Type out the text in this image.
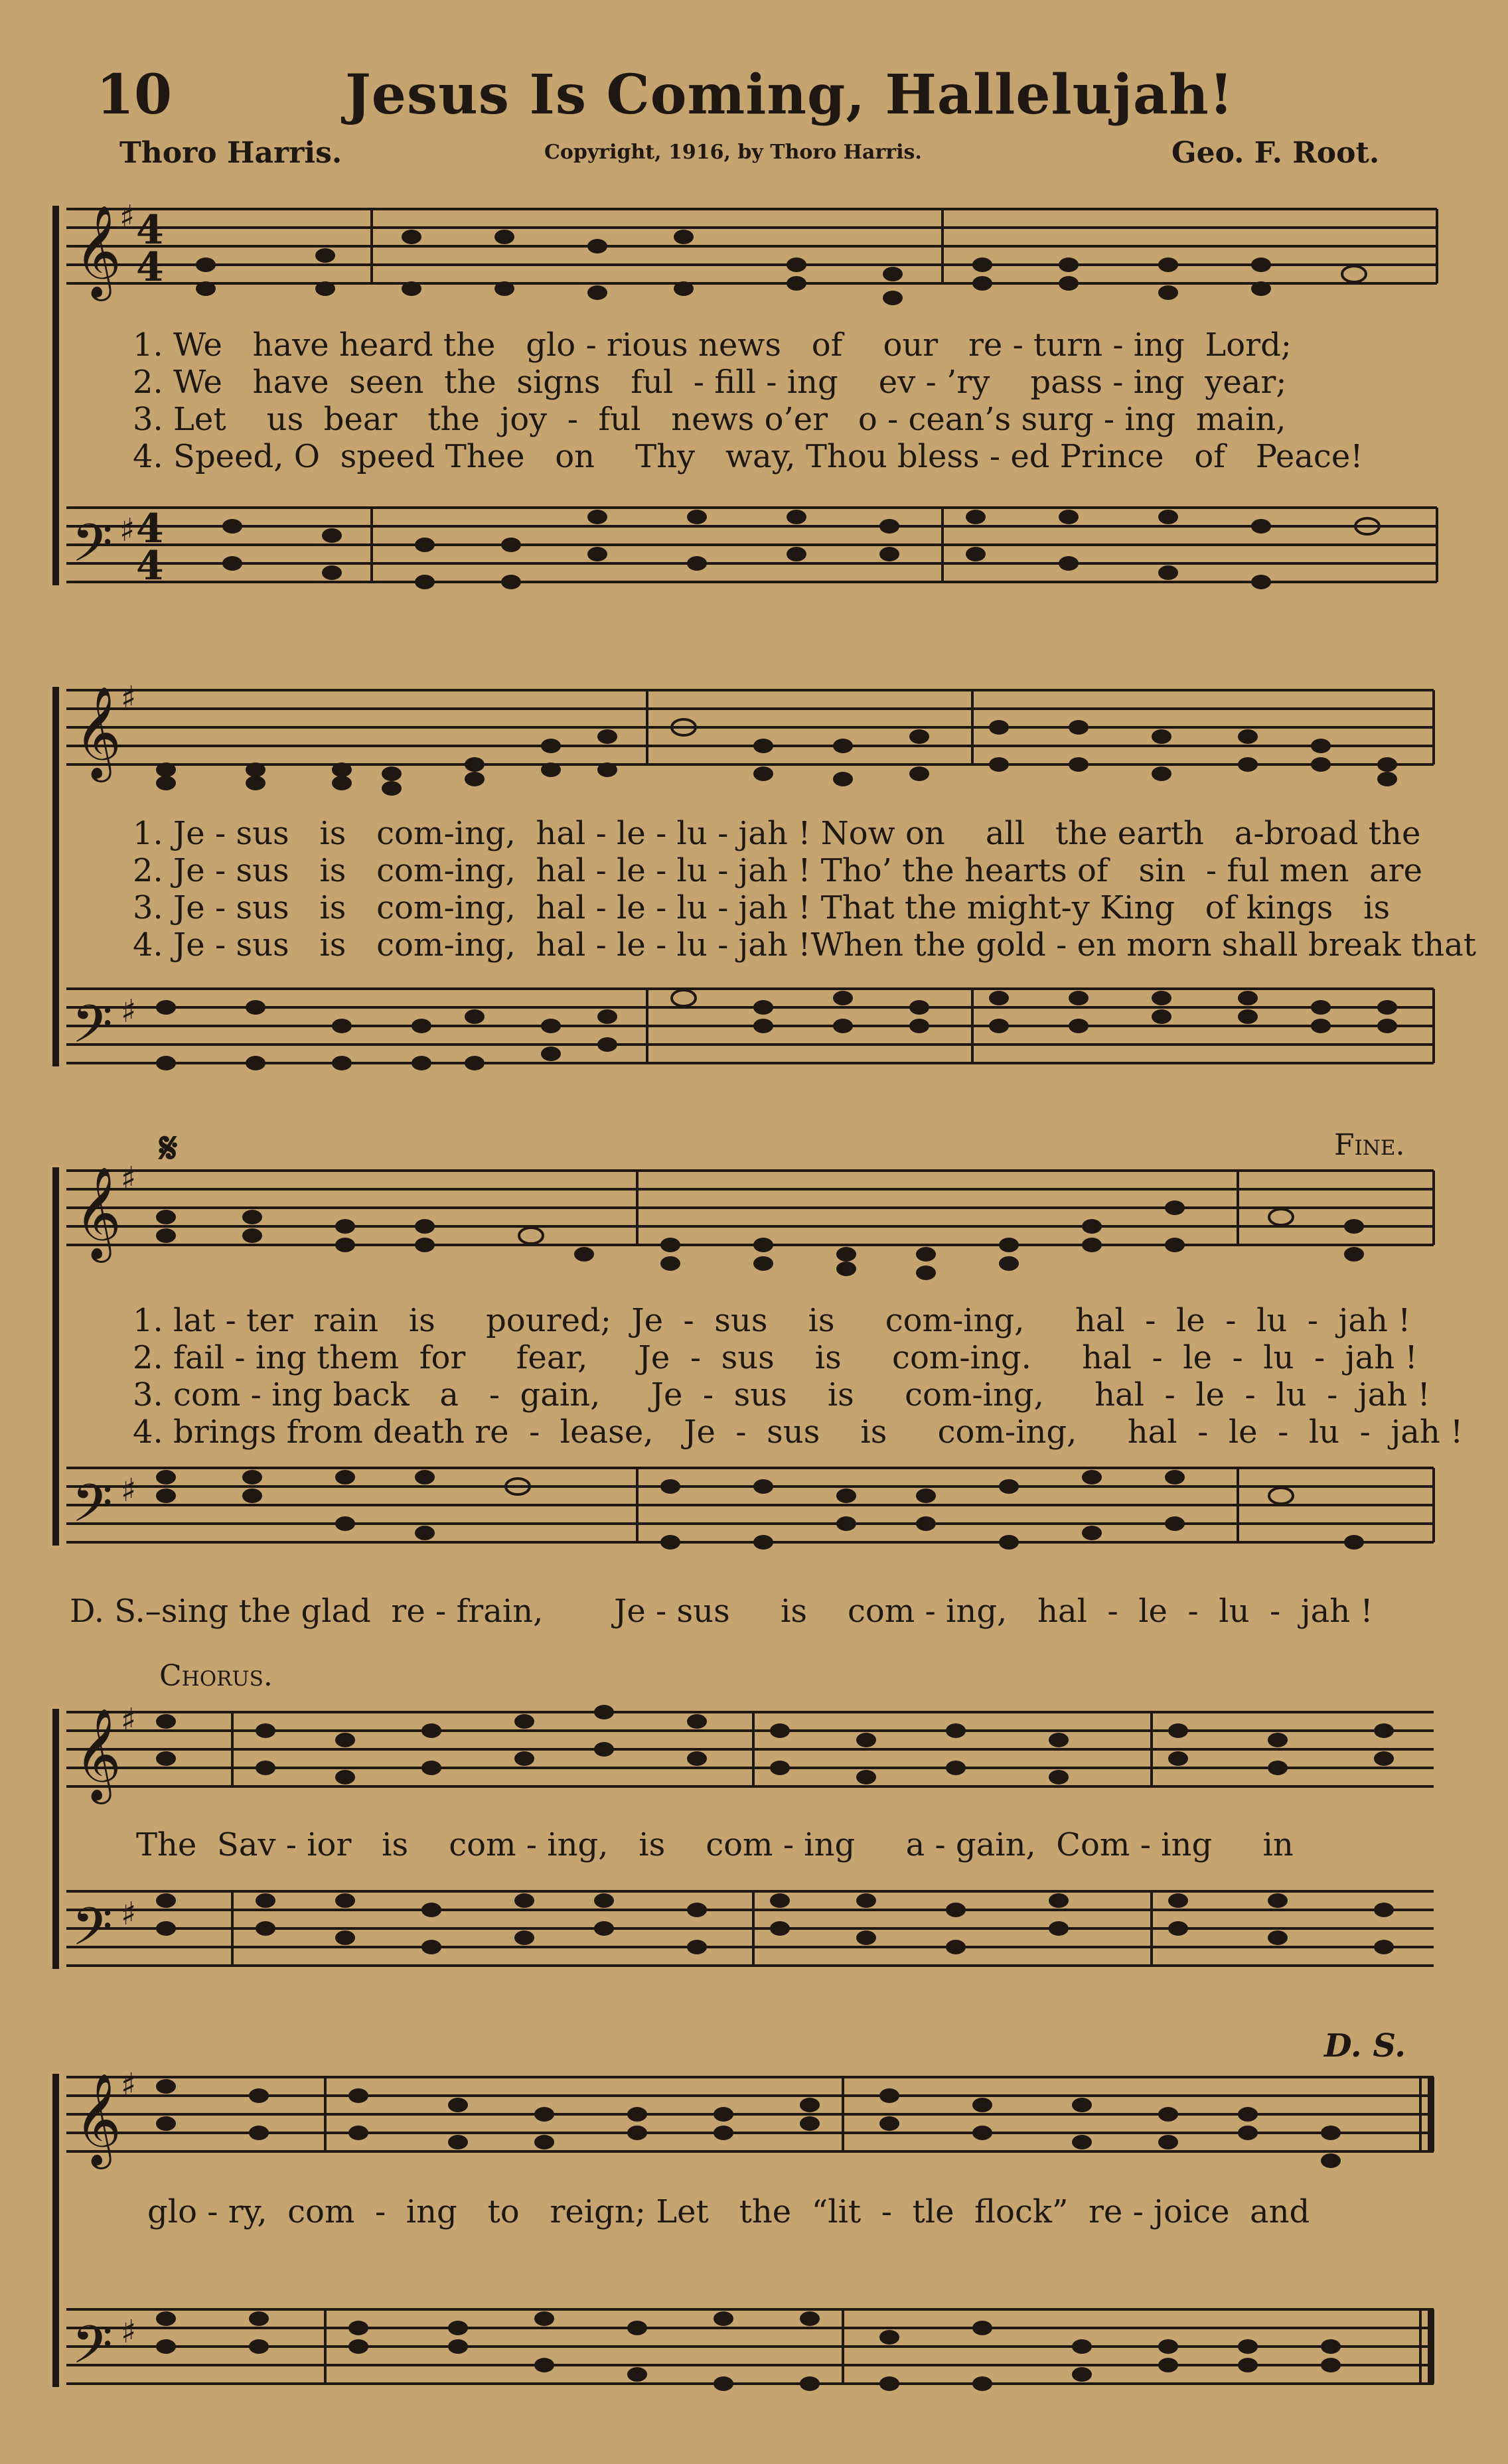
10	Jesus Is Coming, Hallelujah!
Thoro Harris.	Copyright, 1916, by Thoro Harris.	Geo. F. Root.
𝄞 4
4
♯
𝄢 4
4
♯
1. We   have heard the   glo - rious news   of    our   re - turn - ing  Lord;
2. We   have  seen  the  signs   ful  - fill - ing    ev - ’ry    pass - ing  year;
3. Let    us  bear   the  joy  -  ful   news o’er   o - cean’s surg - ing  main,
4. Speed, O  speed Thee   on    Thy   way, Thou bless - ed Prince   of   Peace!
𝄞 ♯
𝄢 ♯
1. Je - sus   is   com-ing,  hal - le - lu - jah ! Now on    all   the earth   a-broad the
2. Je - sus   is   com-ing,  hal - le - lu - jah ! Tho’ the hearts of   sin  - ful men  are
3. Je - sus   is   com-ing,  hal - le - lu - jah ! That the might-y King   of kings   is
4. Je - sus   is   com-ing,  hal - le - lu - jah !When the gold - en morn shall break that
Fine.
𝄋
𝄞 ♯
𝄢 ♯
1. lat - ter  rain   is     poured;  Je  -  sus    is     com-ing,     hal  -  le  -  lu  -  jah !
2. fail - ing them  for     fear,     Je  -  sus    is     com-ing.     hal  -  le  -  lu  -  jah !
3. com - ing back   a   -  gain,     Je  -  sus    is     com-ing,     hal  -  le  -  lu  -  jah !
4. brings from death re  -  lease,   Je  -  sus    is     com-ing,     hal  -  le  -  lu  -  jah !
D. S.–sing the glad  re - frain,       Je - sus     is    com - ing,   hal  -  le  -  lu  -  jah !
Chorus.
𝄞 ♯
𝄢 ♯
The  Sav - ior   is    com - ing,   is    com - ing     a - gain,  Com - ing     in
D. S.
𝄞 ♯
𝄢 ♯
glo - ry,  com  -  ing   to   reign; Let   the  “lit  -  tle  flock”  re - joice  and
